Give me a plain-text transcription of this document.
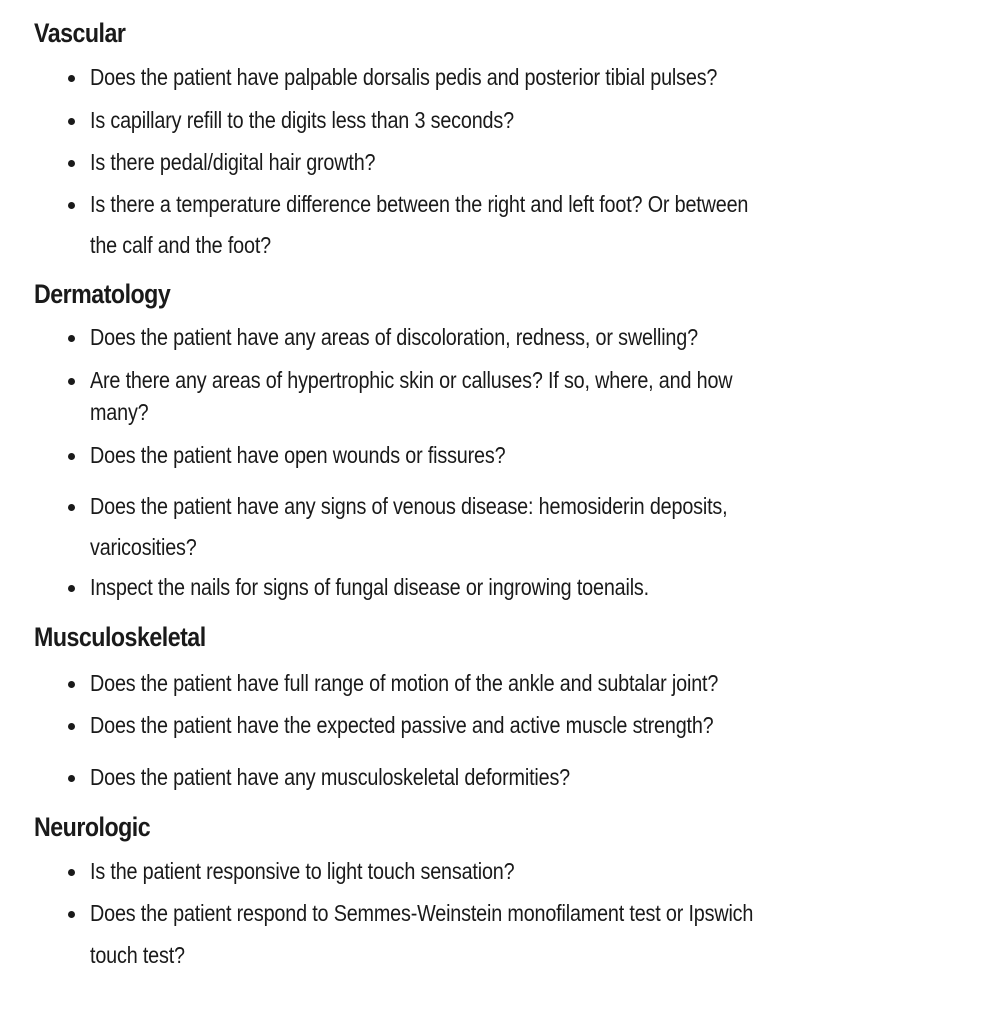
Vascular
Does the patient have palpable dorsalis pedis and posterior tibial pulses?
Is capillary refill to the digits less than 3 seconds?
Is there pedal/digital hair growth?
Is there a temperature difference between the right and left foot? Or between
the calf and the foot?
Dermatology
Does the patient have any areas of discoloration, redness, or swelling?
Are there any areas of hypertrophic skin or calluses? If so, where, and how
many?
Does the patient have open wounds or fissures?
Does the patient have any signs of venous disease: hemosiderin deposits,
varicosities?
Inspect the nails for signs of fungal disease or ingrowing toenails.
Musculoskeletal
Does the patient have full range of motion of the ankle and subtalar joint?
Does the patient have the expected passive and active muscle strength?
Does the patient have any musculoskeletal deformities?
Neurologic
Is the patient responsive to light touch sensation?
Does the patient respond to Semmes-Weinstein monofilament test or Ipswich
touch test?
